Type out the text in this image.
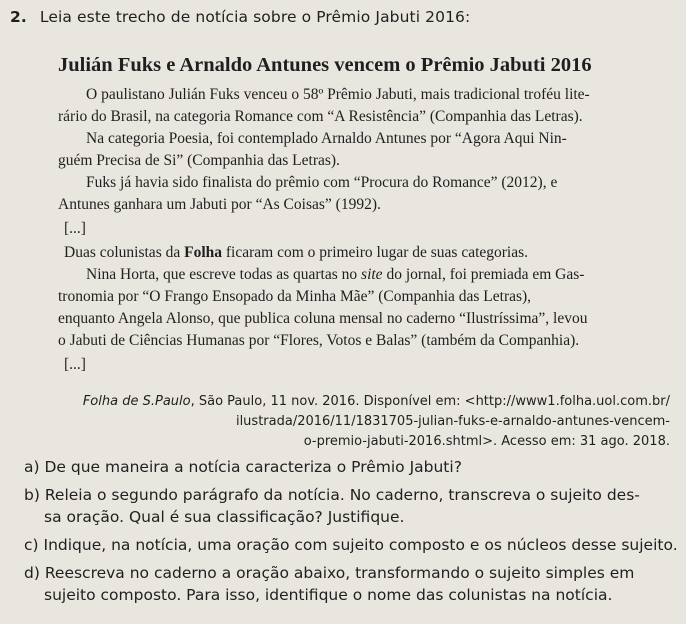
2. Leia este trecho de notícia sobre o Prêmio Jabuti 2016:
Julián Fuks e Arnaldo Antunes vencem o Prêmio Jabuti 2016
O paulistano Julián Fuks venceu o 58º Prêmio Jabuti, mais tradicional troféu lite-
rário do Brasil, na categoria Romance com “A Resistência” (Companhia das Letras).
Na categoria Poesia, foi contemplado Arnaldo Antunes por “Agora Aqui Nin-
guém Precisa de Si” (Companhia das Letras).
Fuks já havia sido finalista do prêmio com “Procura do Romance” (2012), e
Antunes ganhara um Jabuti por “As Coisas” (1992).
[...]
Duas colunistas da Folha ficaram com o primeiro lugar de suas categorias.
Nina Horta, que escreve todas as quartas no site do jornal, foi premiada em Gas-
tronomia por “O Frango Ensopado da Minha Mãe” (Companhia das Letras),
enquanto Angela Alonso, que publica coluna mensal no caderno “Ilustríssima”, levou
o Jabuti de Ciências Humanas por “Flores, Votos e Balas” (também da Companhia).
[...]
Folha de S.Paulo, São Paulo, 11 nov. 2016. Disponível em: <http://www1.folha.uol.com.br/
ilustrada/2016/11/1831705-julian-fuks-e-arnaldo-antunes-vencem-
o-premio-jabuti-2016.shtml>. Acesso em: 31 ago. 2018.
a) De que maneira a notícia caracteriza o Prêmio Jabuti?
b) Releia o segundo parágrafo da notícia. No caderno, transcreva o sujeito des-
sa oração. Qual é sua classificação? Justifique.
c) Indique, na notícia, uma oração com sujeito composto e os núcleos desse sujeito.
d) Reescreva no caderno a oração abaixo, transformando o sujeito simples em
sujeito composto. Para isso, identifique o nome das colunistas na notícia.
